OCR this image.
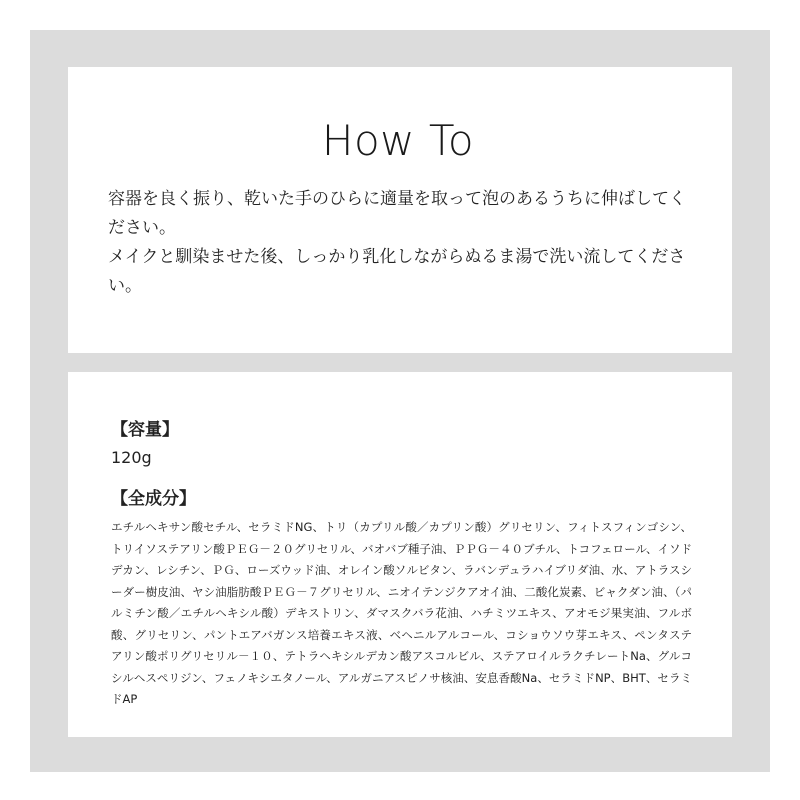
How To

容器を良く振り、乾いた手のひらに適量を取って泡のあるうちに伸ばしてください。

メイクと馴染ませた後、しっかり乳化しながらぬるま湯で洗い流してください。

【容量】

120g

【全成分】

エチルヘキサン酸セチル、セラミドNG、トリ（カプリル酸／カプリン酸）グリセリン、フィトスフィンゴシン、トリイソステアリン酸ＰＥＧ－２０グリセリル、バオバブ種子油、ＰＰＧ－４０ブチル、トコフェロール、イソドデカン、レシチン、ＰＧ、ローズウッド油、オレイン酸ソルビタン、ラバンデュラハイブリダ油、水、アトラスシーダー樹皮油、ヤシ油脂肪酸ＰＥＧ－７グリセリル、ニオイテンジクアオイ油、二酸化炭素、ビャクダン油、（パルミチン酸／エチルヘキシル酸）デキストリン、ダマスクバラ花油、ハチミツエキス、アオモジ果実油、フルボ酸、グリセリン、パントエアバガンス培養エキス液、ベヘニルアルコール、コショウソウ芽エキス、ペンタステアリン酸ポリグリセリル－１０、テトラヘキシルデカン酸アスコルビル、ステアロイルラクチレートNa、グルコシルヘスペリジン、フェノキシエタノール、アルガニアスピノサ核油、安息香酸Na、セラミドNP、BHT、セラミドAP
